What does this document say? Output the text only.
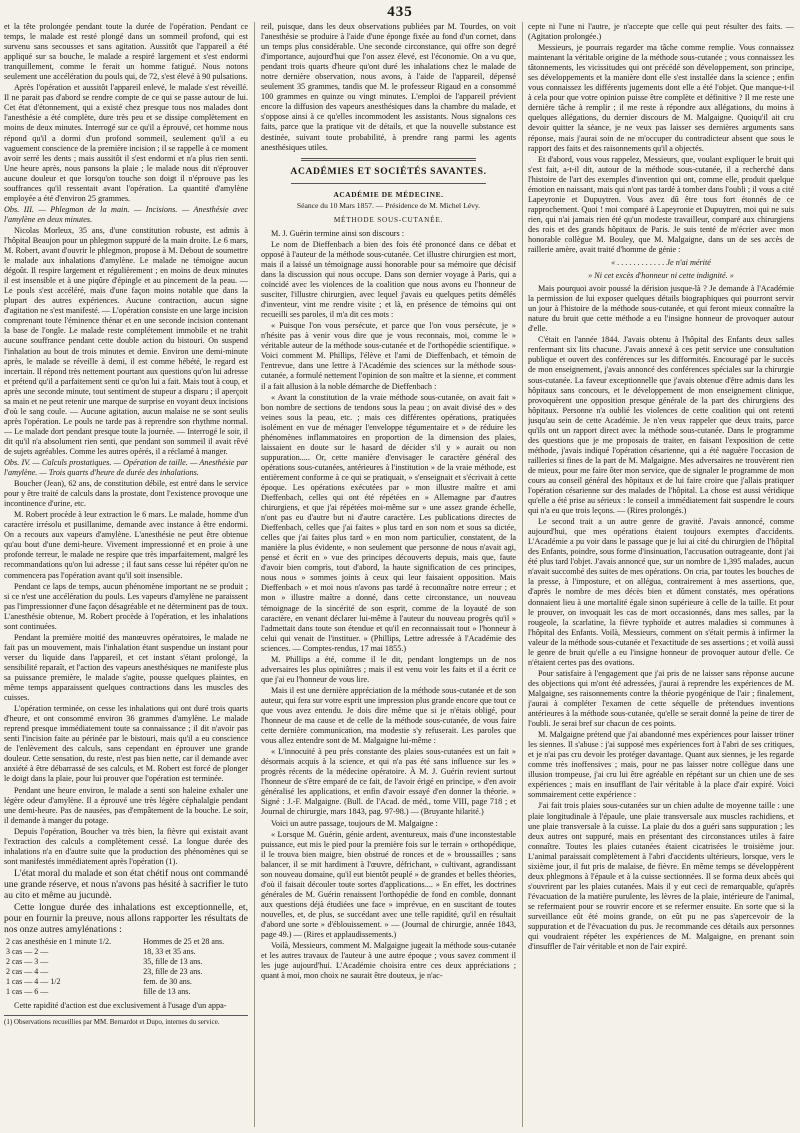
435

et la tête prolongée pendant toute la durée de l'opération. Pendant ce temps, le malade est resté plongé dans un sommeil profond, qui est survenu sans secousses et sans agitation. Aussitôt que l'appareil a été appliqué sur sa bouche, le malade a respiré largement et s'est endormi tranquillement, comme le ferait un homme fatigué. Nous notons seulement une accélération du pouls qui, de 72, s'est élevé à 90 pulsations.

Après l'opération et aussitôt l'appareil enlevé, le malade s'est réveillé. Il ne parait pas d'abord se rendre compte de ce qui se passe autour de lui. Cet état d'étonnement, qui a existé chez presque tous nos malades dont l'anesthésie a été complète, dure très peu et se dissipe complètement en moins de deux minutes. Interrogé sur ce qu'il a éprouvé, cet homme nous répond qu'il a dormi d'un profond sommeil, seulement qu'il a eu vaguement conscience de la première incision ; il se rappelle à ce moment avoir serré les dents ; mais aussitôt il s'est endormi et n'a plus rien senti. Une heure après, nous pansons la plaie ; le malade nous dit n'éprouver aucune douleur et que lorsqu'on touche son doigt il n'éprouve pas les souffrances qu'il ressentait avant l'opération. La quantité d'amylène employée a été d'environ 25 grammes.

Obs. III. — Phlegmon de la main. — Incisions. — Anesthésie avec l'amylène en deux minutes.

Nicolas Morleux, 35 ans, d'une constitution robuste, est admis à l'hôpital Beaujon pour un phlegmon suppuré de la main droite. Le 6 mars, M. Robert, avant d'ouvrir le phlegmon, propose à M. Debout de soumettre le malade aux inhalations d'amylène. Le malade ne témoigne aucun dégoût. Il respire largement et régulièrement ; en moins de deux minutes il est insensible et à une piqûre d'épingle et au pincement de la peau. — Le pouls s'est accéléré, mais d'une façon moins notable que dans la plupart des autres expériences. Aucune contraction, aucun signe d'agitation ne s'est manifesté. — L'opération consiste en une large incision comprenant toute l'éminence thénar et en une seconde incision contenant la base de l'ongle. Le malade reste complétement immobile et ne trahit aucune souffrance pendant cette double action du bistouri. On suspend l'inhalation au bout de trois minutes et demie. Environ une demi-minute après, le malade se réveille à demi, il est comme hébété, le regard est incertain. Il répond très nettement pourtant aux questions qu'on lui adresse et prétend qu'il a parfaitement senti ce qu'on lui a fait. Mais tout à coup, et après une seconde minute, tout sentiment de stupeur a disparu ; il aperçoit sa main et ne peut retenir une marque de surprise en voyant deux incisions d'où le sang coule. — Aucune agitation, aucun malaise ne se sont seulis après l'opération. Le pouls ne tarde pas à reprendre son rhythme normal. — Le malade dort pendant presque toute la journée. — Interrogé le soir, il dit qu'il n'a absolument rien senti, que pendant son sommeil il avait rêvé de sujets agréables. Comme les autres opérés, il a réclamé à manger.

Obs. IV. — Calculs prostatiques. — Opération de taille. — Anesthésie par l'amylène. — Trois quarts d'heure de durée des inhalations.

Boucher (Jean), 62 ans, de constitution débile, est entré dans le service pour y être traité de calculs dans la prostate, dont l'existence provoque une incontinence d'urine, etc.

M. Robert procède à leur extraction le 6 mars. Le malade, homme d'un caractère irrésolu et pusillanime, demande avec instance à être endormi. On a recours aux vapeurs d'amylène. L'anesthésie ne peut être obtenue qu'au bout d'une demi-heure. Vivement impressionné et en proie à une profonde terreur, le malade ne respire que très imparfaitement, malgré les recommandations qu'on lui adresse ; il faut sans cesse lui répéter qu'on ne commencera pas l'opération avant qu'il soit insensible.

Pendant ce laps de temps, aucun phénomène important ne se produit ; si ce n'est une accélération du pouls. Les vapeurs d'amylène ne paraissent pas l'impressionner d'une façon désagréable et ne déterminent pas de toux. L'anesthésie obtenue, M. Robert procède à l'opération, et les inhalations sont continuées.

Pendant la première moitié des manœuvres opératoires, le malade ne fait pas un mouvement, mais l'inhalation étant suspendue un instant pour verser du liquide dans l'appareil, et cet instant s'étant prolongé, la sensibilité reparaît, et l'action des vapeurs anesthésiques ne manifeste plus sa puissance première, le malade s'agite, pousse quelques plaintes, en même temps apparaissent quelques contractions dans les muscles des cuisses.

L'opération terminée, on cesse les inhalations qui ont duré trois quarts d'heure, et ont consommé environ 36 grammes d'amylène. Le malade reprend presque immédiatement toute sa connaissance ; il dit n'avoir pas senti l'incision faite au périnée par le bistouri, mais qu'il a eu conscience de l'enlèvement des calculs, sans cependant en éprouver une grande douleur. Cette sensation, du reste, n'est pas bien nette, car il demande avec anxiété à être débarrassé de ses calculs, et M. Robert est forcé de plonger le doigt dans la plaie, pour lui prouver que l'opération est terminée.

Pendant une heure environ, le malade a senti son haleine exhaler une légère odeur d'amylène. Il a éprouvé une très légère céphalalgie pendant une demi-heure. Pas de nausées, pas d'empâtement de la bouche. Le soir, il demande à manger du potage.

Depuis l'opération, Boucher va très bien, la fièvre qui existait avant l'extraction des calculs a complètement cessé. La longue durée des inhalations n'a en d'autre suite que la production des phénomènes qui se sont manifestés immédiatement après l'opération (1).

L'état moral du malade et son état chétif nous ont commandé une grande réserve, et nous n'avons pas hésité à sacrifier le tuto au cito et même au jucundè.

Cette longue durée des inhalations est exceptionnelle, et, pour en fournir la preuve, nous allons rapporter les résultats de nos onze autres amylénations :

2 cas anesthésie en 1 minute 1/2.	Hommes de 25 et 28 ans.
3 cas — 2 —	18, 33 et 35 ans.
2 cas — 3 —	35, fille de 13 ans.
2 cas — 4 —	23, fille de 23 ans.
1 cas — 4 — 1/2	fem. de 30 ans.
1 cas — 6 —	fille de 13 ans.

Cette rapidité d'action est due exclusivement à l'usage d'un appa-

(1) Observations recueillies par MM. Bernardot et Dupo, internes du service.

reil, puisque, dans les deux observations publiées par M. Tourdes, on voit l'anesthésie se produire à l'aide d'une éponge fixée au fond d'un cornet, dans un temps plus considérable. Une seconde circonstance, qui offre son degré d'importance, aujourd'hui que l'on assez élevé, est l'économie. On a vu que, pendant trois quarts d'heure qu'ont duré les inhalations chez le malade de notre dernière observation, nous avons, à l'aide de l'appareil, dépensé seulement 35 grammes, tandis que M. le professeur Rigaud en a consommé 100 grammes en quinze ou vingt minutes. L'emploi de l'appareil prévient encore la diffusion des vapeurs anesthésiques dans la chambre du malade, et s'oppose ainsi à ce qu'elles incommodent les assistants. Nous signalons ces faits, parce que la pratique vit de détails, et que la nouvelle substance est destinée, suivant toute probabilité, à prendre rang parmi les agents anesthésiques utiles.

ACADÉMIES ET SOCIÉTÉS SAVANTES.
ACADÉMIE DE MÉDECINE.
Séance du 10 Mars 1857. — Présidence de M. Michel Lévy.
MÉTHODE SOUS-CUTANÉE.

M. J. Guérin termine ainsi son discours :

Le nom de Dieffenbach a bien des fois été prononcé dans ce débat et opposé à l'auteur de la méthode sous-cutanée. Cet illustre chirurgien est mort, mais il a laissé un témoignage aussi honorable pour sa mémoire que décisif dans la discussion qui nous occupe. Dans son dernier voyage à Paris, qui a coïncidé avec les violences de la coalition que nous avons eu l'honneur de susciter, l'illustre chirurgien, avec lequel j'avais eu quelques petits démêlés d'inventeur, vint me rendre visite ; et là, en présence de témoins qui ont recueilli ses paroles, il m'a dit ces mots :

« Puisque l'on vous persécute, et parce que l'on vous persécute, je » n'hésite pas à venir vous dire que je vous reconnais, moi, comme le » véritable auteur de la méthode sous-cutanée et de l'orthopédie scientifique. » Voici comment M. Phillips, l'élève et l'ami de Dieffenbach, et témoin de l'entrevue, dans une lettre à l'Académie des sciences sur la méthode sous-cutanée, a formulé nettement l'opinion de son maître et la sienne, et comment il a fait allusion à la noble démarche de Dieffenbach :

« Avant la constitution de la vraie méthode sous-cutanée, on avait fait » bon nombre de sections de tendons sous la peau ; on avait divisé des » des veines sous la peau, etc. ; mais ces différentes opérations, pratiquées isolément en vue de ménager l'enveloppe tégumentaire et » de réduire les phénomènes inflammatoires en proportion de la dimension des plaies, laissaient en doute sur le hasard de décider s'il y » aurait ou non suppuration..... Or, cette manière d'envisager le caractère général des opérations sous-cutanées, antérieures à l'institution » de la vraie méthode, est entièrement conforme à ce qui se pratiquait, » s'enseignait et s'écrivait à cette époque. Les opérations exécutées par » mon illustre maître et ami Dieffenbach, celles qui ont été répétées en » Allemagne par d'autres chirurgiens, et que j'ai répétées moi-même sur » une assez grande échelle, n'ont pas eu d'autre but ni d'autre caractère. Les publications directes de Dieffenbach, celles que j'ai faites » plus tard en son nom et sous sa dictée, celles que j'ai faites plus tard » en mon nom particulier, constatent, de la manière la plus évidente, » non seulement que personne de nous n'avait agi, pensé et écrit en » vue des principes découverts depuis, mais que, faute d'avoir bien compris, tout d'abord, la haute signification de ces principes, nous nous » sommes joints à ceux qui leur faisaient opposition. Mais Dieffenbach » et moi nous n'avons pas tardé à reconnaître notre erreur ; et mon » illustre maître a donné, dans cette circonstance, un nouveau témoignage de la sincérité de son esprit, comme de la loyauté de son caractère, en venant déclarer lui-même à l'auteur du nouveau progrès qu'il » l'admettait dans toute son étendue et qu'il en reconnaissait tout » l'honneur à celui qui venait de l'instituer. » (Phillips, Lettre adressée à l'Académie des sciences. — Comptes-rendus, 17 mai 1855.)

M. Phillips a été, comme il le dit, pendant longtemps un de nos adversaires les plus opiniâtres ; mais il est venu voir les faits et il a écrit ce que j'ai eu l'honneur de vous lire.

Mais il est une dernière appréciation de la méthode sous-cutanée et de son auteur, qui fera sur votre esprit une impression plus grande encore que tout ce que vous avez entendu. Je dois dire même que si je n'étais obligé, pour l'honneur de ma cause et de celle de la méthode sous-cutanée, de vous faire cette dernière communication, ma modestie s'y refuserait. Les paroles que vous allez entendre sont de M. Malgaigne lui-même :

« L'innocuité à peu près constante des plaies sous-cutanées est un fait » désormais acquis à la science, et qui n'a pas été sans influence sur les » progrès récents de la médecine opératoire. À M. J. Guérin revient surtout l'honneur de s'être emparé de ce fait, de l'avoir érigé en principe, » d'en avoir généralisé les applications, et enfin d'avoir essayé d'en donner la théorie. » Signé : J.-F. Malgaigne. (Bull. de l'Acad. de méd., tome VIII, page 718 ; et Journal de chirurgie, mars 1843, pag. 97-98.) — (Bruyante hilarité.)

Voici un autre passage, toujours de M. Malgaigne :

« Lorsque M. Guérin, génie ardent, aventureux, mais d'une inconstestable puissance, eut mis le pied pour la première fois sur le terrain » orthopédique, il le trouva bien maigre, bien obstrué de ronces et de » broussailles ; sans balancer, il se mit hardiment à l'œuvre, défrichant, » cultivant, agrandissant son nouveau domaine, qu'il eut bientôt peuplé » de grandes et belles théories, d'où il faisait découler toute sortes d'applications.... » En effet, les doctrines générales de M. Guérin renaissent l'orthopédie de fond en comble, donnant aux questions déjà étudiées une face » imprévue, en en suscitant de toutes nouvelles, et, de plus, se succédant avec une telle rapidité, qu'il en résultait d'abord une sorte » d'éblouissement. » — (Journal de chirurgie, année 1843, page 49.) — (Rires et applaudissements.)

Voilà, Messieurs, comment M. Malgaigne jugeait la méthode sous-cutanée et les autres travaux de l'auteur à une autre époque ; vous savez comment il les juge aujourd'hui. L'Académie choisira entre ces deux appréciations ; quant à moi, mon choix ne saurait être douteux, je n'ac-

cepte ni l'une ni l'autre, je n'accepte que celle qui peut résulter des faits. — (Agitation prolongée.)

Messieurs, je pourrais regarder ma tâche comme remplie. Vous connaissez maintenant la véritable origine de la méthode sous-cutanée ; vous connaissez les tâtonnements, les vicissitudes qui ont précédé son développement, son principe, ses développements et la manière dont elle s'est installée dans la science ; enfin vous connaissez les différents jugements dont elle a été l'objet. Que manque-t-il à cela pour que votre opinion puisse être complète et définitive ? Il me reste une dernière tâche à remplir ; il me reste à répondre aux allégations, du moins à quelques allégations, du dernier discours de M. Malgaigne. Quoiqu'il ait cru devoir quitter la séance, je ne veux pas laisser ses dernières arguments sans réponse, mais j'aurai soin de ne m'occuper du contradicteur absent que sous le rapport des faits et des raisonnements qu'il a objectés.

Et d'abord, vous vous rappelez, Messieurs, que, voulant expliquer le bruit qui s'est fait, a-t-il dit, autour de la méthode sous-cutanée, il a recherché dans l'histoire de l'art des exemples d'invention qui ont, comme elle, produit quelque émotion en naissant, mais qui n'ont pas tardé à tomber dans l'oubli ; il vous a cité Lapeyronie et Dupuytren. Vous avez dû être tous fort étonnés de ce rapprochement. Quoi ! moi comparé à Lapeyronie et Dupuytren, moi qui ne suis rien, qui n'ai jamais rien été qu'un modeste travailleur, comparé aux chirurgiens des rois et des grands hôpitaux de Paris. Je suis tenté de m'écrier avec mon honorable collègue M. Bouley, que M. Malgaigne, dans un de ses accès de raillerie amère, avait traité d'homme de génie :

« . . . . . . . . . . . . Je n'ai mérité
» Ni cet excès d'honneur ni cette indignité. »

Mais pourquoi avoir poussé la dérision jusque-là ? Je demande à l'Académie la permission de lui exposer quelques détails biographiques qui pourront servir un jour à l'histoire de la méthode sous-cutanée, et qui feront mieux connaître la nature du bruit que cette méthode a eu l'insigne honneur de provoquer autour d'elle.

C'était en l'année 1844. J'avais obtenu à l'hôpital des Enfants deux salles renfermant six lits chacune. J'avais annexé à ces petit service une consultation publique et ouvert des conférences sur les difformités. Encouragé par le succès de mon enseignement, j'avais annoncé des conférences spéciales sur la chirurgie sous-cutanée. La faveur exceptionnelle que j'avais obtenue d'être admis dans les hôpitaux sans concours, et le développement de mon enseignement clinique, provoquèrent une opposition presque générale de la part des chirurgiens des hôpitaux. Personne n'a oublié les violences de cette coalition qui ont retenti jusqu'au sein de cette Académie. Je n'en veux rappeler que deux traits, parce qu'ils ont un rapport direct avec la méthode sous-cutanée. Dans le programme des questions que je me proposais de traiter, en faisant l'exposition de cette méthode, j'avais indiqué l'opération césarienne, qui a été naguère l'occasion de railleries si fines de la part de M. Malgaigne. Mes adversaires ne trouvèrent rien de mieux, pour me faire ôter mon service, que de signaler le programme de mon cours au conseil général des hôpitaux et de lui faire croire que j'allais pratiquer l'opération césarienne sur des malades de l'hôpital. La chose est aussi véridique qu'elle a été prise au sérieux : le conseil a immédiatement fait suspendre le cours qui n'a eu que trois leçons. — (Rires prolongés.)

Le second trait a un autre genre de gravité. J'avais annoncé, comme aujourd'hui, que mes opérations étaient toujours exemptes d'accidents. L'Académie a pu voir dans le passage que je lui ai cité du chirurgien de l'hôpital des Enfants, poindre, sous forme d'insinuation, l'accusation outrageante, dont j'ai été plus tard l'objet. J'avais annoncé que, sur un nombre de 1,395 malades, aucun n'avait succombé des suites de mes opérations. On cria, par toutes les bouches de la presse, à l'imposture, et on allégua, contrairement à mes assertions, que, d'après le nombre de mes décès bien et dûment constatés, mes opérations donnaient lieu à une mortalité égale sinon supérieure à celle de la taille. Et pour le prouver, on invoquait les cas de mort occasionnés, dans mes salles, par la rougeole, la scarlatine, la fièvre typhoïde et autres maladies si communes à l'hôpital des Enfants. Voilà, Messieurs, comment on s'était permis à infirmer la valeur de la méthode sous-cutanée et l'exactitude de ses assertions ; et voilà aussi le genre de bruit qu'elle a eu l'insigne honneur de provoquer autour d'elle. Ce n'étaient certes pas des ovations.

Pour satisfaire à l'engagement que j'ai pris de ne laisser sans réponse aucune des objections qui m'ont été adressées, j'aurai à reprendre les expériences de M. Malgaigne, ses raisonnements contre la théorie pyogénique de l'air ; finalement, j'aurai à compléter l'examen de cette séquelle de prétendues inventions antérieures à la méthode sous-cutanée, qu'elle se serait donné la peine de tirer de l'oubli. Je serai bref sur chacun de ces points.

M. Malgaigne prétend que j'ai abandonné mes expériences pour laisser tröner les siennes. Il s'abuse : j'ai supposé mes expériences fort à l'abri de ses critiques, et je n'ai pas cru devoir les protéger davantage. Quant aux siennes, je les regarde comme très inoffensives ; mais, pour ne pas laisser notre collègue dans une illusion trompeuse, j'ai cru lui être agréable en répétant sur un chien une de ses expériences ; mais en insufflant de l'air véritable à la place d'air expiré. Voici sommairement cette expérience :

J'ai fait trois plaies sous-cutanées sur un chien adulte de moyenne taille : une plaie longitudinale à l'épaule, une plaie transversale aux muscles rachidiens, et une plaie transversale à la cuisse. La plaie du dos a guéri sans suppuration ; les deux autres ont suppuré, mais en présentant des circonstances utiles à faire connaître. Toutes les plaies cutanées étaient cicatrisées le troisième jour. L'animal paraissait complètement à l'abri d'accidents ultérieurs, lorsque, vers le sixième jour, il fut pris de malaise, de fièvre. En même temps se développèrent deux phlegmons à l'épaule et à la cuisse sectionnées. Il se forma deux abcès qui s'ouvrirent par les plaies cutanées. Mais il y eut ceci de remarquable, qu'après l'évacuation de la matière purulente, les lèvres de la plaie, intérieure de l'animal, se refermaient pour se rouvrir encore et se refermer ensuite. En sorte que si la surveillance eût été moins grande, on eût pu ne pas s'apercevoir de la suppuration et de l'évacuation du pus. Je recommande ces détails aux personnes qui voudraient répéter les expériences de M. Malgaigne, en prenant soin d'insuffler de l'air véritable et non de l'air expiré.
